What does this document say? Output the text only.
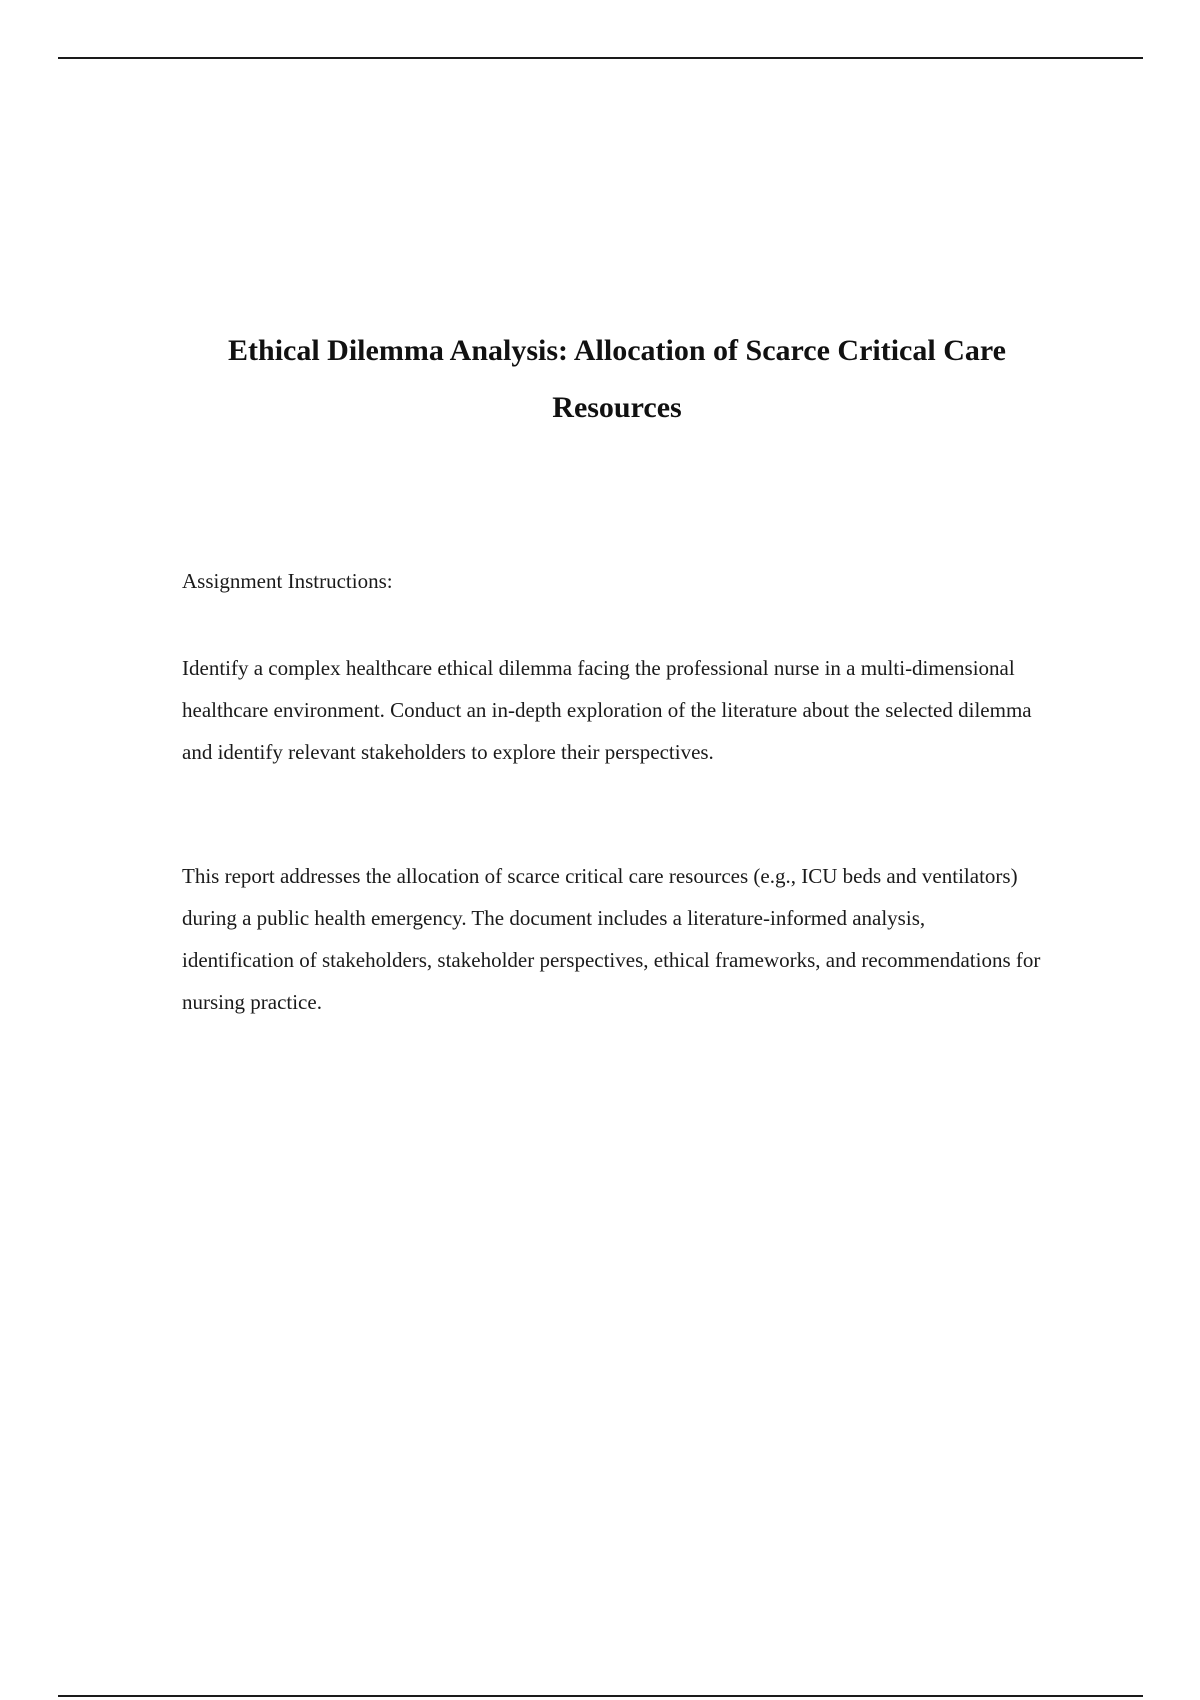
Ethical Dilemma Analysis: Allocation of Scarce Critical Care Resources

Assignment Instructions:

Identify a complex healthcare ethical dilemma facing the professional nurse in a multi-dimensional healthcare environment. Conduct an in-depth exploration of the literature about the selected dilemma and identify relevant stakeholders to explore their perspectives.

This report addresses the allocation of scarce critical care resources (e.g., ICU beds and ventilators) during a public health emergency. The document includes a literature-informed analysis, identification of stakeholders, stakeholder perspectives, ethical frameworks, and recommendations for nursing practice.
